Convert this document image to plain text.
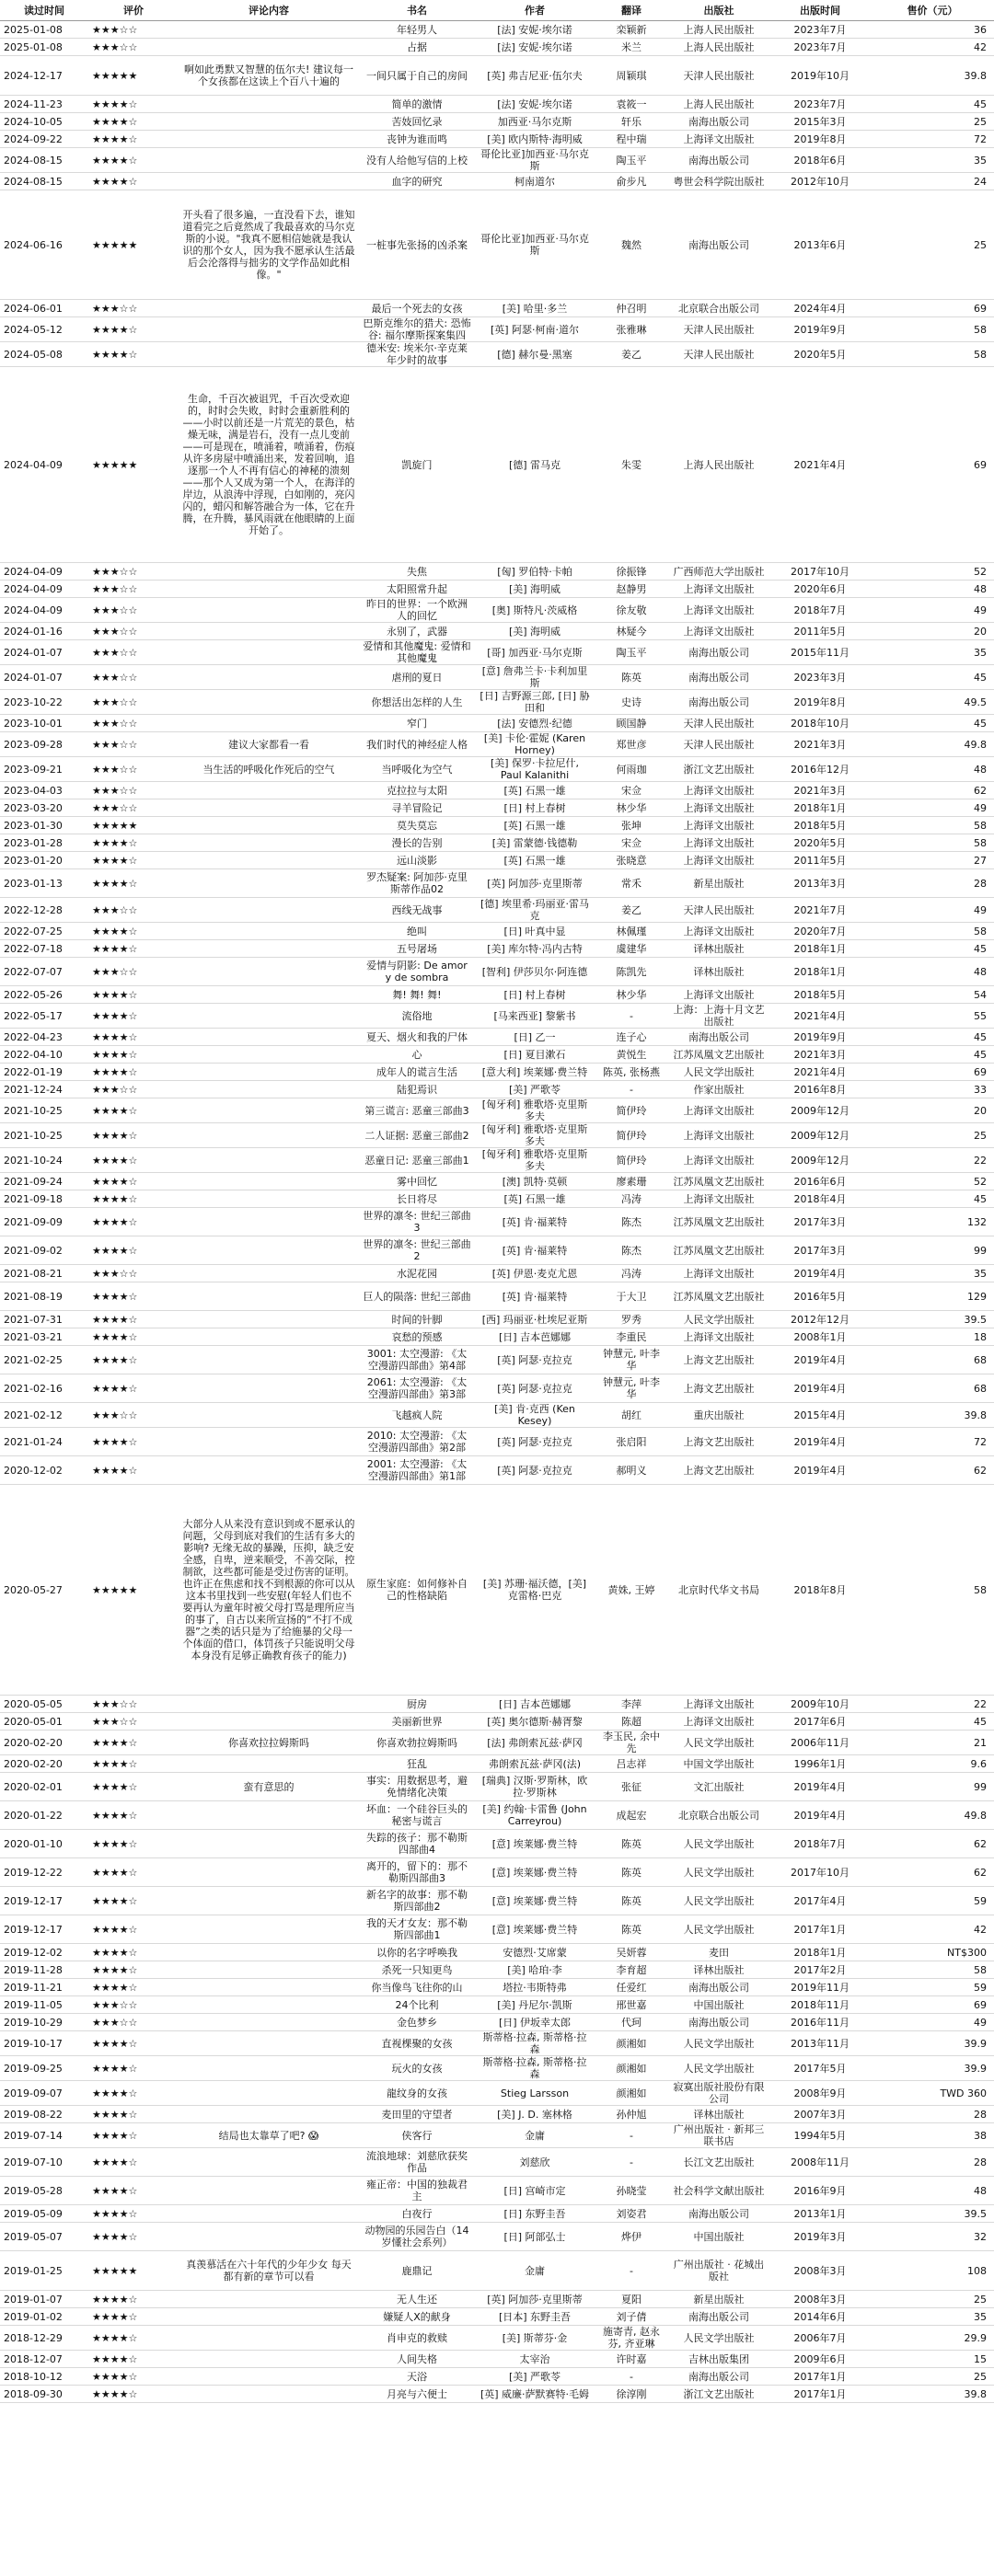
读过时间	评价	评论内容	书名	作者	翻译	出版社	出版时间	售价（元）
2025-01-08	★★★☆☆		年轻男人	[法] 安妮·埃尔诺	栾颖新	上海人民出版社	2023年7月	36
2025-01-08	★★★☆☆		占据	[法] 安妮·埃尔诺	米兰	上海人民出版社	2023年7月	42
2024-12-17	★★★★★	啊如此勇默又智慧的伍尔夫! 建议每一个女孩都在这读上个百八十遍的	一间只属于自己的房间	[英] 弗吉尼亚·伍尔夫	周颖琪	天津人民出版社	2019年10月	39.8
2024-11-23	★★★★☆		简单的激情	[法] 安妮·埃尔诺	袁筱一	上海人民出版社	2023年7月	45
2024-10-05	★★★★☆		苦妓回忆录	加西亚·马尔克斯	轩乐	南海出版公司	2015年3月	25
2024-09-22	★★★★☆		丧钟为谁而鸣	[美] 欧内斯特·海明威	程中瑞	上海译文出版社	2019年8月	72
2024-08-15	★★★★☆		没有人给他写信的上校	哥伦比亚]加西亚·马尔克斯	陶玉平	南海出版公司	2018年6月	35
2024-08-15	★★★★☆		血字的研究	柯南道尔	俞步凡	粤世会科学院出版社	2012年10月	24
2024-06-16	★★★★★	开头看了很多遍，一直没看下去，谁知道看完之后竟然成了我最喜欢的马尔克斯的小说。"我真不愿相信她就是我认识的那个女人，因为我不愿承认生活最后会沦落得与拙劣的文学作品如此相像。"	一桩事先张扬的凶杀案	哥伦比亚]加西亚·马尔克斯	魏然	南海出版公司	2013年6月	25
2024-06-01	★★★☆☆		最后一个死去的女孩	[美] 哈里·多兰	仲召明	北京联合出版公司	2024年4月	69
2024-05-12	★★★★☆		巴斯克维尔的猎犬: 恐怖谷: 福尔摩斯探案集四	[英] 阿瑟·柯南·道尔	张雅琳	天津人民出版社	2019年9月	58
2024-05-08	★★★★☆		德米安: 埃米尔·辛克莱年少时的故事	[德] 赫尔曼·黑塞	姜乙	天津人民出版社	2020年5月	58
2024-04-09	★★★★★	生命，千百次被诅咒，千百次受欢迎的，时时会失败，时时会重新胜利的——小时以前还是一片荒芜的景色，枯燥无味，满是岩石，没有一点儿变前——可是现在，喷涌着，喷涌着，伤痕从许多房屋中喷涌出来，发着回响，追逐那一个人不再有信心的神秘的溃刻——那个人又成为第一个人，在海洋的岸边，从浪涛中浮现，白如刚的，亮闪闪的，蜡闪和解答融合为一体，它在升腾，在升腾，暴风雨就在他眼睛的上面开始了。	凯旋门	[德] 雷马克	朱雯	上海人民出版社	2021年4月	69
2024-04-09	★★★☆☆		失焦	[匈] 罗伯特·卡帕	徐振锋	广西师范大学出版社	2017年10月	52
2024-04-09	★★★☆☆		太阳照常升起	[美] 海明威	赵静男	上海译文出版社	2020年6月	48
2024-04-09	★★★☆☆		昨日的世界：一个欧洲人的回忆	[奥] 斯特凡·茨威格	徐友敬	上海译文出版社	2018年7月	49
2024-01-16	★★★☆☆		永别了，武器	[美] 海明威	林疑今	上海译文出版社	2011年5月	20
2024-01-07	★★★☆☆		爱情和其他魔鬼: 爱情和其他魔鬼	[哥] 加西亚·马尔克斯	陶玉平	南海出版公司	2015年11月	35
2024-01-07	★★★☆☆		虐刑的夏日	[意] 詹弗兰卡·卡利加里斯	陈英	南海出版公司	2023年3月	45
2023-10-22	★★★☆☆		你想活出怎样的人生	[日] 吉野源三郎, [日] 胁田和	史诗	南海出版公司	2019年8月	49.5
2023-10-01	★★★☆☆		窄门	[法] 安德烈·纪德	顾国静	天津人民出版社	2018年10月	45
2023-09-28	★★★☆☆	建议大家都看一看	我们时代的神经症人格	[美] 卡伦·霍妮 (Karen Horney)	郑世彦	天津人民出版社	2021年3月	49.8
2023-09-21	★★★☆☆	当生活的呼吸化作死后的空气	当呼吸化为空气	[美] 保罗·卡拉尼什, Paul Kalanithi	何雨珈	浙江文艺出版社	2016年12月	48
2023-04-03	★★★☆☆		克拉拉与太阳	[英] 石黑一雄	宋佥	上海译文出版社	2021年3月	62
2023-03-20	★★★☆☆		寻羊冒险记	[日] 村上春树	林少华	上海译文出版社	2018年1月	49
2023-01-30	★★★★★		莫失莫忘	[英] 石黑一雄	张坤	上海译文出版社	2018年5月	58
2023-01-28	★★★★☆		漫长的告别	[美] 雷蒙德·钱德勒	宋佥	上海译文出版社	2020年5月	58
2023-01-20	★★★★☆		远山淡影	[英] 石黑一雄	张晓意	上海译文出版社	2011年5月	27
2023-01-13	★★★★☆		罗杰疑案: 阿加莎·克里斯蒂作品02	[英] 阿加莎·克里斯蒂	常禾	新星出版社	2013年3月	28
2022-12-28	★★★☆☆		西线无战事	[德] 埃里希·玛丽亚·雷马克	姜乙	天津人民出版社	2021年7月	49
2022-07-25	★★★★☆		绝叫	[日] 叶真中显	林佩瑾	上海译文出版社	2020年7月	58
2022-07-18	★★★★☆		五号屠场	[美] 库尔特·冯内古特	虞建华	译林出版社	2018年1月	45
2022-07-07	★★★☆☆		爱情与阴影: De amor y de sombra	[智利] 伊莎贝尔·阿连德	陈凯先	译林出版社	2018年1月	48
2022-05-26	★★★★☆		舞! 舞! 舞!	[日] 村上春树	林少华	上海译文出版社	2018年5月	54
2022-05-17	★★★★☆		流俗地	[马来西亚] 黎紫书	-	上海：上海十月文艺出版社	2021年4月	55
2022-04-23	★★★★☆		夏天、烟火和我的尸体	[日] 乙一	连子心	南海出版公司	2019年9月	45
2022-04-10	★★★★☆		心	[日] 夏目漱石	黄悦生	江苏凤凰文艺出版社	2021年3月	45
2022-01-19	★★★★☆		成年人的谎言生活	[意大利] 埃莱娜·费兰特	陈英, 张杨燕	人民文学出版社	2021年4月	69
2021-12-24	★★★☆☆		陆犯焉识	[美] 严歌苓	-	作家出版社	2016年8月	33
2021-10-25	★★★★☆		第三谎言: 恶童三部曲3	[匈牙利] 雅歌塔·克里斯多夫	简伊玲	上海译文出版社	2009年12月	20
2021-10-25	★★★★☆		二人证据: 恶童三部曲2	[匈牙利] 雅歌塔·克里斯多夫	简伊玲	上海译文出版社	2009年12月	25
2021-10-24	★★★★☆		恶童日记: 恶童三部曲1	[匈牙利] 雅歌塔·克里斯多夫	简伊玲	上海译文出版社	2009年12月	22
2021-09-24	★★★★☆		雾中回忆	[澳] 凯特·莫顿	廖素珊	江苏凤凰文艺出版社	2016年6月	52
2021-09-18	★★★★☆		长日将尽	[英] 石黑一雄	冯涛	上海译文出版社	2018年4月	45
2021-09-09	★★★★☆		世界的凛冬: 世纪三部曲 3	[英] 肯·福莱特	陈杰	江苏凤凰文艺出版社	2017年3月	132
2021-09-02	★★★★☆		世界的凛冬: 世纪三部曲 2	[英] 肯·福莱特	陈杰	江苏凤凰文艺出版社	2017年3月	99
2021-08-21	★★★☆☆		水泥花园	[英] 伊恩·麦克尤恩	冯涛	上海译文出版社	2019年4月	35
2021-08-19	★★★★☆		巨人的陨落: 世纪三部曲	[英] 肯·福莱特	于大卫	江苏凤凰文艺出版社	2016年5月	129
2021-07-31	★★★★☆		时间的针脚	[西] 玛丽亚·杜埃尼亚斯	罗秀	人民文学出版社	2012年12月	39.5
2021-03-21	★★★★☆		哀愁的预感	[日] 吉本芭娜娜	李重民	上海译文出版社	2008年1月	18
2021-02-25	★★★★☆		3001: 太空漫游: 《太空漫游四部曲》第4部	[英] 阿瑟·克拉克	钟慧元, 叶李华	上海文艺出版社	2019年4月	68
2021-02-16	★★★★☆		2061: 太空漫游: 《太空漫游四部曲》第3部	[英] 阿瑟·克拉克	钟慧元, 叶李华	上海文艺出版社	2019年4月	68
2021-02-12	★★★☆☆		飞越疯人院	[美] 肯·克西 (Ken Kesey)	胡红	重庆出版社	2015年4月	39.8
2021-01-24	★★★★☆		2010: 太空漫游: 《太空漫游四部曲》第2部	[英] 阿瑟·克拉克	张启阳	上海文艺出版社	2019年4月	72
2020-12-02	★★★★☆		2001: 太空漫游: 《太空漫游四部曲》第1部	[英] 阿瑟·克拉克	郝明义	上海文艺出版社	2019年4月	62
2020-05-27	★★★★★	大部分人从来没有意识到或不愿承认的问题，父母到底对我们的生活有多大的影响? 无缘无故的暴躁，压抑，缺乏安全感，自卑，逆来顺受，不善交际，控制欲，这些都可能是受过伤害的证明。也许正在焦虑和找不到根源的你可以从这本书里找到一些安慰(年轻人们也不要再认为童年时被父母打骂是理所应当的事了，自古以来所宣扬的“不打不成器”之类的话只是为了给施暴的父母一个体面的借口，体罚孩子只能说明父母本身没有足够正确教育孩子的能力)	原生家庭：如何修补自己的性格缺陷	[美] 苏珊·福沃德，[美] 克雷格·巴克	黄姝, 王婷	北京时代华文书局	2018年8月	58
2020-05-05	★★★☆☆		厨房	[日] 吉本芭娜娜	李萍	上海译文出版社	2009年10月	22
2020-05-01	★★★☆☆		美丽新世界	[英] 奥尔德斯·赫胥黎	陈超	上海译文出版社	2017年6月	45
2020-02-20	★★★★☆	你喜欢拉拉姆斯吗	你喜欢勃拉姆斯吗	[法] 弗朗索瓦兹·萨冈	李玉民, 余中先	人民文学出版社	2006年11月	21
2020-02-20	★★★★☆		狂乱	弗朗索瓦兹·萨冈(法)	吕志祥	中国文学出版社	1996年1月	9.6
2020-02-01	★★★★☆	蛮有意思的	事实：用数据思考，避免情绪化决策	[瑞典] 汉斯·罗斯林，欧拉·罗斯林	张征	文汇出版社	2019年4月	99
2020-01-22	★★★★☆		坏血：一个硅谷巨头的秘密与谎言	[美] 约翰·卡雷鲁 (John Carreyrou)	成起宏	北京联合出版公司	2019年4月	49.8
2020-01-10	★★★★☆		失踪的孩子：那不勒斯四部曲4	[意] 埃莱娜·费兰特	陈英	人民文学出版社	2018年7月	62
2019-12-22	★★★★☆		离开的，留下的：那不勒斯四部曲3	[意] 埃莱娜·费兰特	陈英	人民文学出版社	2017年10月	62
2019-12-17	★★★★☆		新名字的故事：那不勒斯四部曲2	[意] 埃莱娜·费兰特	陈英	人民文学出版社	2017年4月	59
2019-12-17	★★★★☆		我的天才女友：那不勒斯四部曲1	[意] 埃莱娜·费兰特	陈英	人民文学出版社	2017年1月	42
2019-12-02	★★★★☆		以你的名字呼唤我	安德烈·艾席蒙	吴妍蓉	麦田	2018年1月	NT$300
2019-11-28	★★★★☆		杀死一只知更鸟	[美] 哈珀·李	李育超	译林出版社	2017年2月	58
2019-11-21	★★★★☆		你当像鸟飞往你的山	塔拉·韦斯特弗	任爱红	南海出版公司	2019年11月	59
2019-11-05	★★★☆☆		24个比利	[美] 丹尼尔·凯斯	邢世嘉	中国出版社	2018年11月	69
2019-10-29	★★★☆☆		金色梦乡	[日] 伊坂幸太郎	代珂	南海出版公司	2016年11月	49
2019-10-17	★★★★☆		直视棵聚的女孩	斯蒂格·拉森, 斯蒂格·拉森	颜湘如	人民文学出版社	2013年11月	39.9
2019-09-25	★★★★☆		玩火的女孩	斯蒂格·拉森, 斯蒂格·拉森	颜湘如	人民文学出版社	2017年5月	39.9
2019-09-07	★★★★☆		龍纹身的女孩	Stieg Larsson	颜湘如	寂寞出版社股份有限公司	2008年9月	TWD 360
2019-08-22	★★★★☆		麦田里的守望者	[美] J. D. 塞林格	孙仲旭	译林出版社	2007年3月	28
2019-07-14	★★★★☆	结局也太靠草了吧? 😱	侠客行	金庸	-	广州出版社 · 新邦三联书店	1994年5月	38
2019-07-10	★★★★☆		流浪地球：刘慈欣获奖作品	刘慈欣	-	长江文艺出版社	2008年11月	28
2019-05-28	★★★★☆		雍正帝：中国的独裁君主	[日] 宫崎市定	孙晓莹	社会科学文献出版社	2016年9月	48
2019-05-09	★★★★☆		白夜行	[日] 东野圭吾	刘姿君	南海出版公司	2013年1月	39.5
2019-05-07	★★★★☆		动物园的乐园告白（14岁懂社会系列）	[日] 阿部弘士	烨伊	中国出版社	2019年3月	32
2019-01-25	★★★★★	真羡慕活在六十年代的少年少女 每天都有新的章节可以看	鹿鼎记	金庸	-	广州出版社 · 花城出版社	2008年3月	108
2019-01-07	★★★★☆		无人生还	[英] 阿加莎·克里斯蒂	夏阳	新星出版社	2008年3月	25
2019-01-02	★★★★☆		嫌疑人X的献身	[日本] 东野圭吾	刘子倩	南海出版公司	2014年6月	35
2018-12-29	★★★★☆		肖申克的救赎	[美] 斯蒂芬·金	施寄青, 赵永芬, 齐亚琳	人民文学出版社	2006年7月	29.9
2018-12-07	★★★★☆		人间失格	太宰治	许时嘉	吉林出版集团	2009年6月	15
2018-10-12	★★★★☆		天浴	[美] 严歌苓	-	南海出版公司	2017年1月	25
2018-09-30	★★★★☆		月亮与六便士	[英] 威廉·萨默赛特·毛姆	徐淳刚	浙江文艺出版社	2017年1月	39.8
